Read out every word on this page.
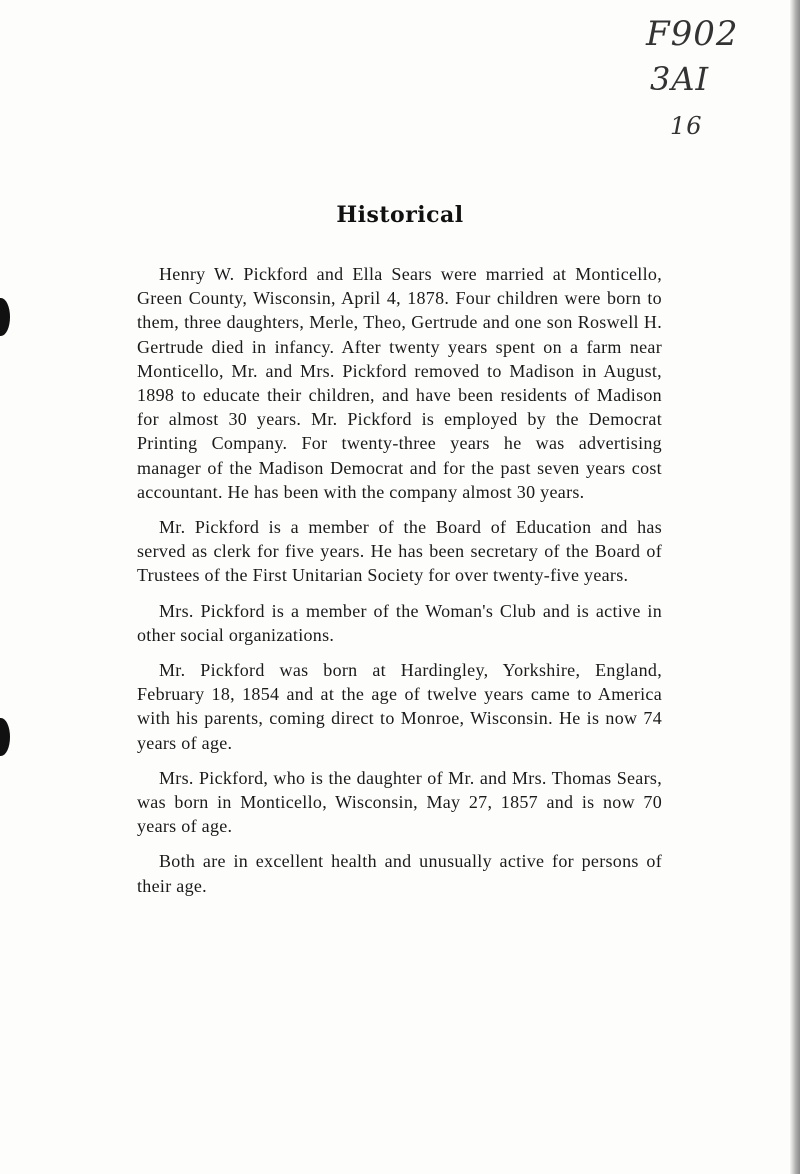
F902
3AI
16
Historical

Henry W. Pickford and Ella Sears were married at Monticello, Green County, Wisconsin, April 4, 1878. Four children were born to them, three daughters, Merle, Theo, Gertrude and one son Roswell H. Gertrude died in infancy. After twenty years spent on a farm near Monticello, Mr. and Mrs. Pickford removed to Madison in August, 1898 to educate their children, and have been residents of Madison for almost 30 years. Mr. Pickford is employed by the Democrat Printing Company. For twenty-three years he was advertising manager of the Madison Democrat and for the past seven years cost accountant. He has been with the company almost 30 years.

Mr. Pickford is a member of the Board of Education and has served as clerk for five years. He has been secretary of the Board of Trustees of the First Unitarian Society for over twenty-five years.

Mrs. Pickford is a member of the Woman's Club and is active in other social organizations.

Mr. Pickford was born at Hardingley, Yorkshire, England, February 18, 1854 and at the age of twelve years came to America with his parents, coming direct to Monroe, Wisconsin. He is now 74 years of age.

Mrs. Pickford, who is the daughter of Mr. and Mrs. Thomas Sears, was born in Monticello, Wisconsin, May 27, 1857 and is now 70 years of age.

Both are in excellent health and unusually active for persons of their age.
